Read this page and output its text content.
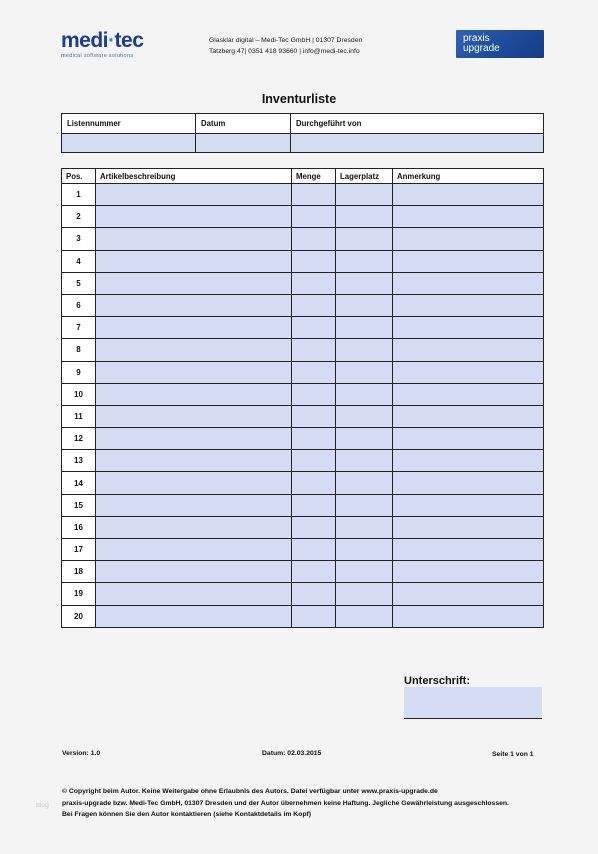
medi·tec
medical software solutions
Glasklar digital – Medi-Tec GmbH | 01307 Dresden
Tatzberg 47| 0351 418 93660 | info@medi-tec.info
praxis
upgrade
Inventurliste
Listennummer	Datum	Durchgeführt von

Pos.	Artikelbeschreibung	Menge	Lagerplatz	Anmerkung
1				
2				
3				
4				
5				
6				
7				
8				
9				
10				
11				
12				
13				
14				
15				
16				
17				
18				
19				
20				
Unterschrift:
Version: 1.0	Datum: 02.03.2015	Seite 1 von 1
© Copyright beim Autor. Keine Weitergabe ohne Erlaubnis des Autors. Datei verfügbar unter www.praxis-upgrade.de
praxis-upgrade bzw. Medi-Tec GmbH, 01307 Dresden und der Autor übernehmen keine Haftung. Jegliche Gewährleistung ausgeschlossen.
Bei Fragen können Sie den Autor kontaktieren (siehe Kontaktdetails im Kopf)
blog
